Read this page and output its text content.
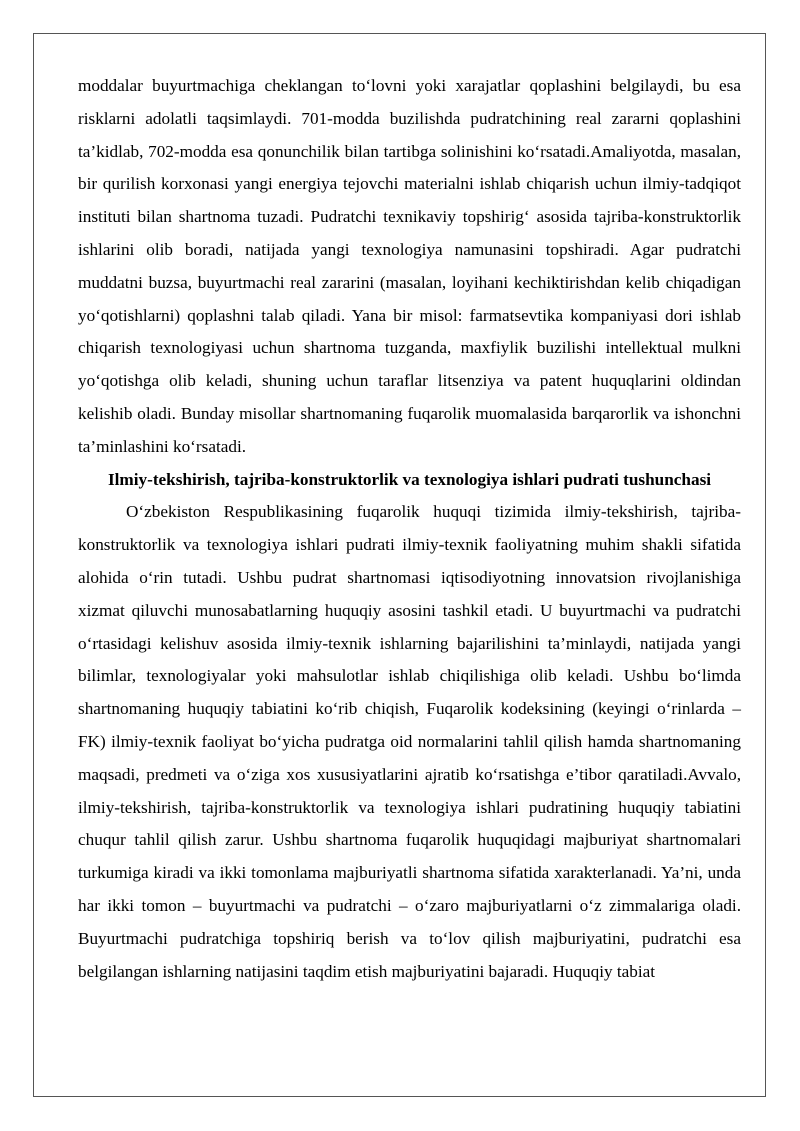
moddalar buyurtmachiga cheklangan to‘lovni yoki xarajatlar qoplashini belgilaydi, bu esa risklarni adolatli taqsimlaydi. 701-modda buzilishda pudratchining real zararni qoplashini ta’kidlab, 702-modda esa qonunchilik bilan tartibga solinishini ko‘rsatadi.Amaliyotda, masalan, bir qurilish korxonasi yangi energiya tejovchi materialni ishlab chiqarish uchun ilmiy-tadqiqot instituti bilan shartnoma tuzadi. Pudratchi texnikaviy topshirig‘ asosida tajriba-konstruktorlik ishlarini olib boradi, natijada yangi texnologiya namunasini topshiradi. Agar pudratchi muddatni buzsa, buyurtmachi real zararini (masalan, loyihani kechiktirishdan kelib chiqadigan yo‘qotishlarni) qoplashni talab qiladi. Yana bir misol: farmatsevtika kompaniyasi dori ishlab chiqarish texnologiyasi uchun shartnoma tuzganda, maxfiylik buzilishi intellektual mulkni yo‘qotishga olib keladi, shuning uchun taraflar litsenziya va patent huquqlarini oldindan kelishib oladi. Bunday misollar shartnomaning fuqarolik muomalasida barqarorlik va ishonchni ta’minlashini ko‘rsatadi.

Ilmiy-tekshirish, tajriba-konstruktorlik va texnologiya ishlari pudrati tushunchasi

O‘zbekiston Respublikasining fuqarolik huquqi tizimida ilmiy-tekshirish, tajriba-konstruktorlik va texnologiya ishlari pudrati ilmiy-texnik faoliyatning muhim shakli sifatida alohida o‘rin tutadi. Ushbu pudrat shartnomasi iqtisodiyotning innovatsion rivojlanishiga xizmat qiluvchi munosabatlarning huquqiy asosini tashkil etadi. U buyurtmachi va pudratchi o‘rtasidagi kelishuv asosida ilmiy-texnik ishlarning bajarilishini ta’minlaydi, natijada yangi bilimlar, texnologiyalar yoki mahsulotlar ishlab chiqilishiga olib keladi. Ushbu bo‘limda shartnomaning huquqiy tabiatini ko‘rib chiqish, Fuqarolik kodeksining (keyingi o‘rinlarda – FK) ilmiy-texnik faoliyat bo‘yicha pudratga oid normalarini tahlil qilish hamda shartnomaning maqsadi, predmeti va o‘ziga xos xususiyatlarini ajratib ko‘rsatishga e’tibor qaratiladi.Avvalo, ilmiy-tekshirish, tajriba-konstruktorlik va texnologiya ishlari pudratining huquqiy tabiatini chuqur tahlil qilish zarur. Ushbu shartnoma fuqarolik huquqidagi majburiyat shartnomalari turkumiga kiradi va ikki tomonlama majburiyatli shartnoma sifatida xarakterlanadi. Ya’ni, unda har ikki tomon – buyurtmachi va pudratchi – o‘zaro majburiyatlarni o‘z zimmalariga oladi. Buyurtmachi pudratchiga topshiriq berish va to‘lov qilish majburiyatini, pudratchi esa belgilangan ishlarning natijasini taqdim etish majburiyatini bajaradi. Huquqiy tabiat
